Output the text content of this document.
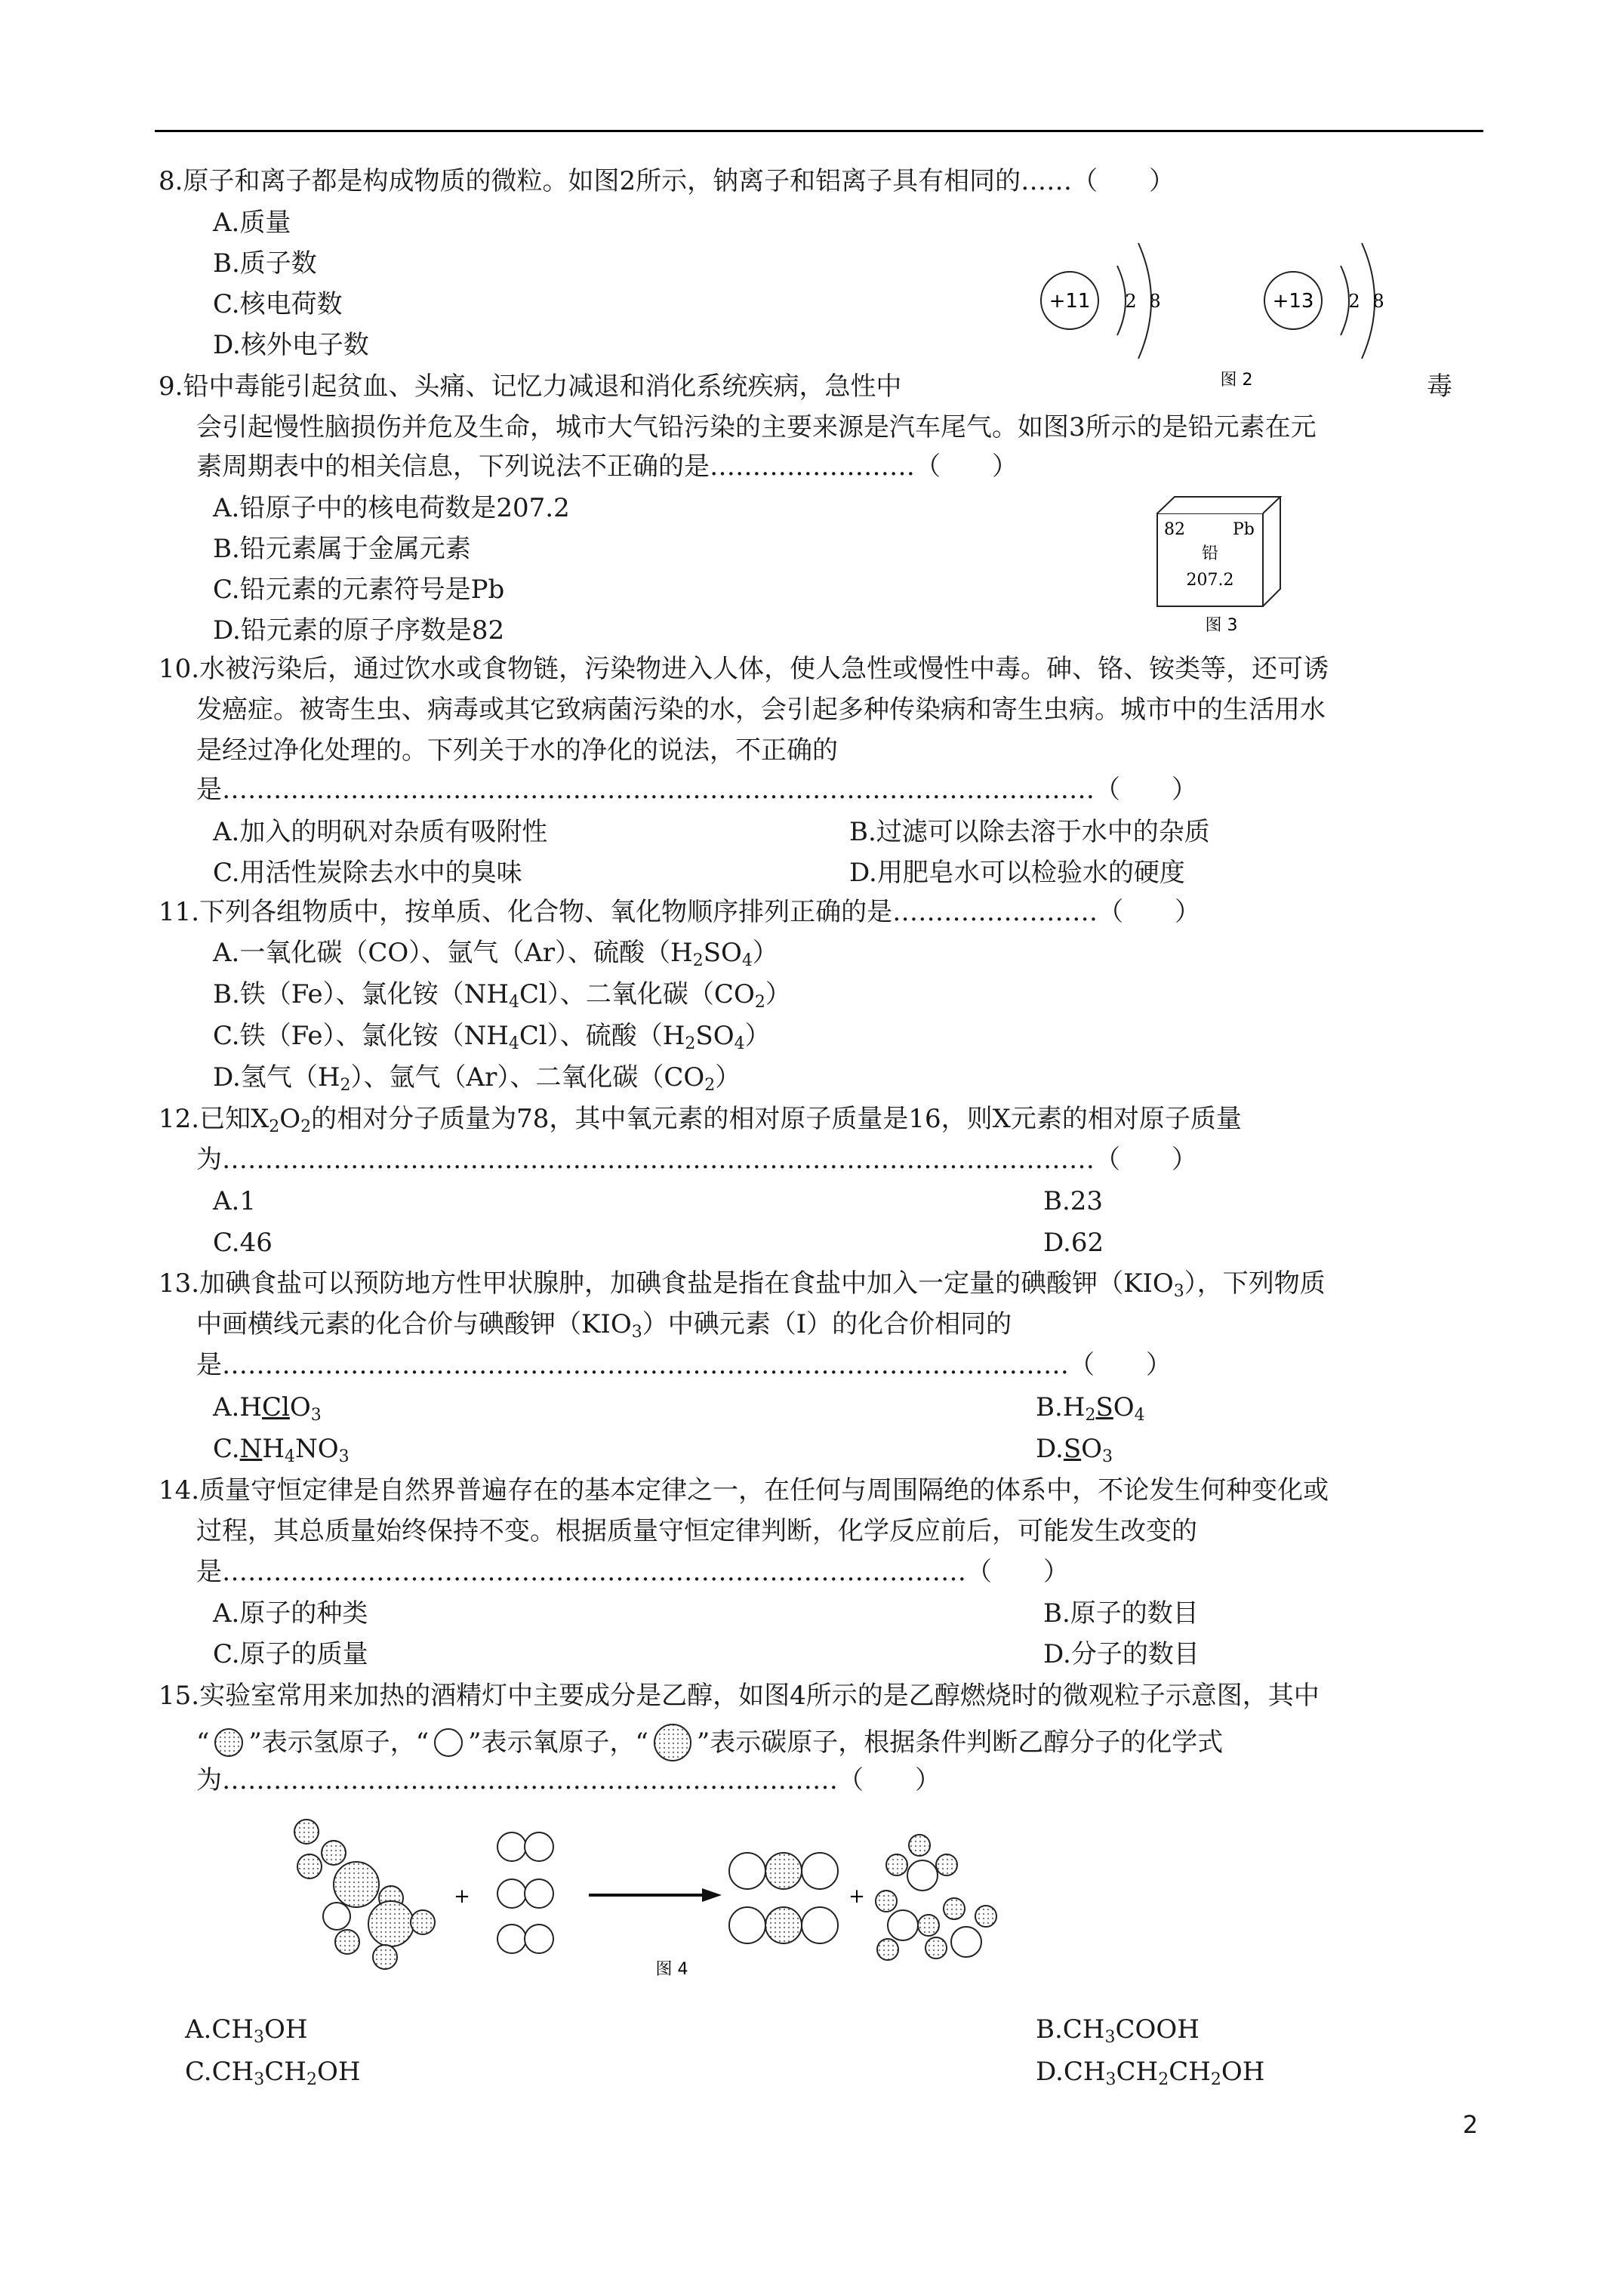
8.原子和离子都是构成物质的微粒。如图2所示，钠离子和铝离子具有相同的……（　　）
A.质量
B.质子数
C.核电荷数
D.核外电子数
+11 2 8	+13 2 8
图 2
9.铅中毒能引起贫血、头痛、记忆力减退和消化系统疾病，急性中	毒
会引起慢性脑损伤并危及生命，城市大气铅污染的主要来源是汽车尾气。如图3所示的是铅元素在元
素周期表中的相关信息，下列说法不正确的是……………………（　　）
A.铅原子中的核电荷数是207.2
B.铅元素属于金属元素
C.铅元素的元素符号是Pb
D.铅元素的原子序数是82
82	Pb
铅
207.2
图 3
10.水被污染后，通过饮水或食物链，污染物进入人体，使人急性或慢性中毒。砷、铬、铵类等，还可诱
发癌症。被寄生虫、病毒或其它致病菌污染的水，会引起多种传染病和寄生虫病。城市中的生活用水
是经过净化处理的。下列关于水的净化的说法，不正确的
是…………………………………………………………………………………………（　　）
A.加入的明矾对杂质有吸附性	B.过滤可以除去溶于水中的杂质
C.用活性炭除去水中的臭味	D.用肥皂水可以检验水的硬度
11.下列各组物质中，按单质、化合物、氧化物顺序排列正确的是……………………（　　）
A.一氧化碳（CO）、氩气（Ar）、硫酸$(H_2SO_4)$
B.铁（Fe）、氯化铵$(NH_4Cl)$、二氧化碳$(CO_2)$
C.铁（Fe）、氯化铵$(NH_4Cl)$、硫酸$(H_2SO_4)$
D.氢气$(H_2)$、氩气（Ar）、二氧化碳$(CO_2)$
12.已知$X_2O_2$的相对分子质量为78，其中氧元素的相对原子质量是16，则X元素的相对原子质量
为…………………………………………………………………………………………（　　）
A.1	B.23
C.46	D.62
13.加碘食盐可以预防地方性甲状腺肿，加碘食盐是指在食盐中加入一定量的碘酸钾$(KIO_3)$，下列物质
中画横线元素的化合价与碘酸钾$(KIO_3)$中碘元素（I）的化合价相同的
是………………………………………………………………………………………（　　）
A.HClO$_3$	$B.H_2SO_4$
$C.NH_4NO_3$	$D.SO_3$
14.质量守恒定律是自然界普遍存在的基本定律之一，在任何与周围隔绝的体系中，不论发生何种变化或
过程，其总质量始终保持不变。根据质量守恒定律判断，化学反应前后，可能发生改变的
是……………………………………………………………………………（　　）
A.原子的种类	B.原子的数目
C.原子的质量	D.分子的数目
15.实验室常用来加热的酒精灯中主要成分是乙醇，如图4所示的是乙醇燃烧时的微观粒子示意图，其中
“ ”表示氢原子，“ ”表示氧原子，“ ”表示碳原子，根据条件判断乙醇分子的化学式
为………………………………………………………………（　　）
+	+
图 4
$A.CH_3OH$	$B.CH_3COOH$
$C.CH_3CH_2OH$	$D.CH_3CH_2CH_2OH$
2
